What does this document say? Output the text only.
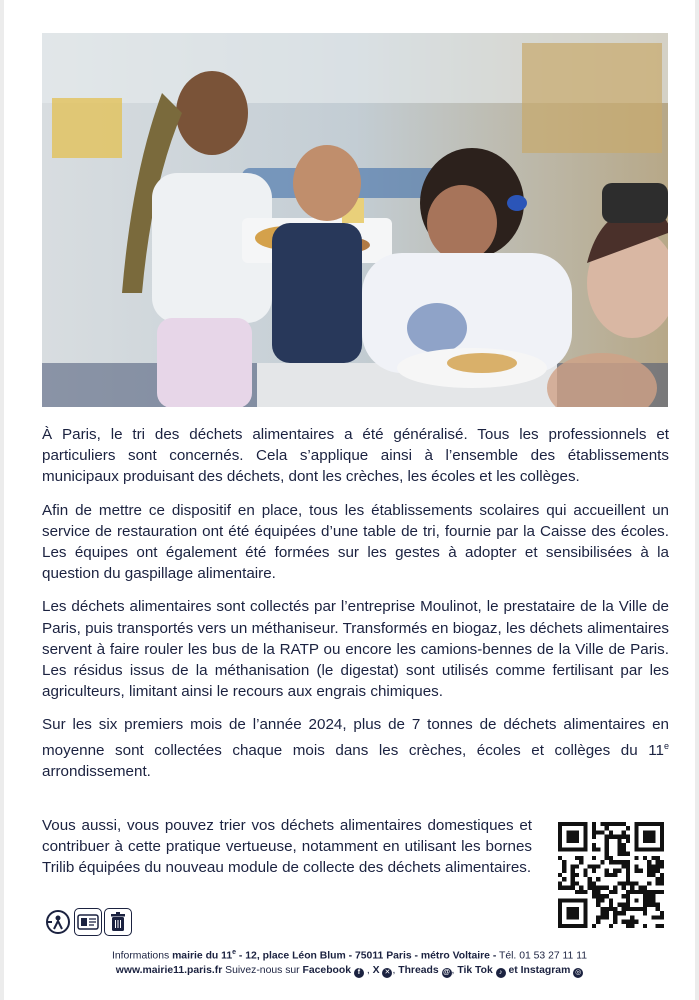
À Paris, le tri des déchets alimentaires a été généralisé. Tous les professionnels et particuliers sont concernés. Cela s’applique ainsi à l’ensemble des établissements municipaux produisant des déchets, dont les crèches, les écoles et les collèges.

Afin de mettre ce dispositif en place, tous les établissements scolaires qui accueillent un service de restauration ont été équipées d’une table de tri, fournie par la Caisse des écoles. Les équipes ont également été formées sur les gestes à adopter et sensibilisées à la question du gaspillage alimentaire.

Les déchets alimentaires sont collectés par l’entreprise Moulinot, le prestataire de la Ville de Paris, puis transportés vers un méthaniseur. Transformés en biogaz, les déchets alimentaires servent à faire rouler les bus de la RATP ou encore les camions-bennes de la Ville de Paris. Les résidus issus de la méthanisation (le digestat) sont utilisés comme fertilisant par les agriculteurs, limitant ainsi le recours aux engrais chimiques.

Sur les six premiers mois de l’année 2024, plus de 7 tonnes de déchets alimentaires en moyenne sont collectées chaque mois dans les crèches, écoles et collèges du 11e arrondissement.

Vous aussi, vous pouvez trier vos déchets alimentaires domestiques et contribuer à cette pratique vertueuse, notamment en utilisant les bornes Trilib équipées du nouveau module de collecte des déchets alimentaires.

Informations mairie du 11e - 12, place Léon Blum - 75011 Paris - métro Voltaire - Tél. 01 53 27 11 11
www.mairie11.paris.fr Suivez-nous sur Facebook f , X ✕ , Threads @ , Tik Tok ♪ et Instagram ◎
